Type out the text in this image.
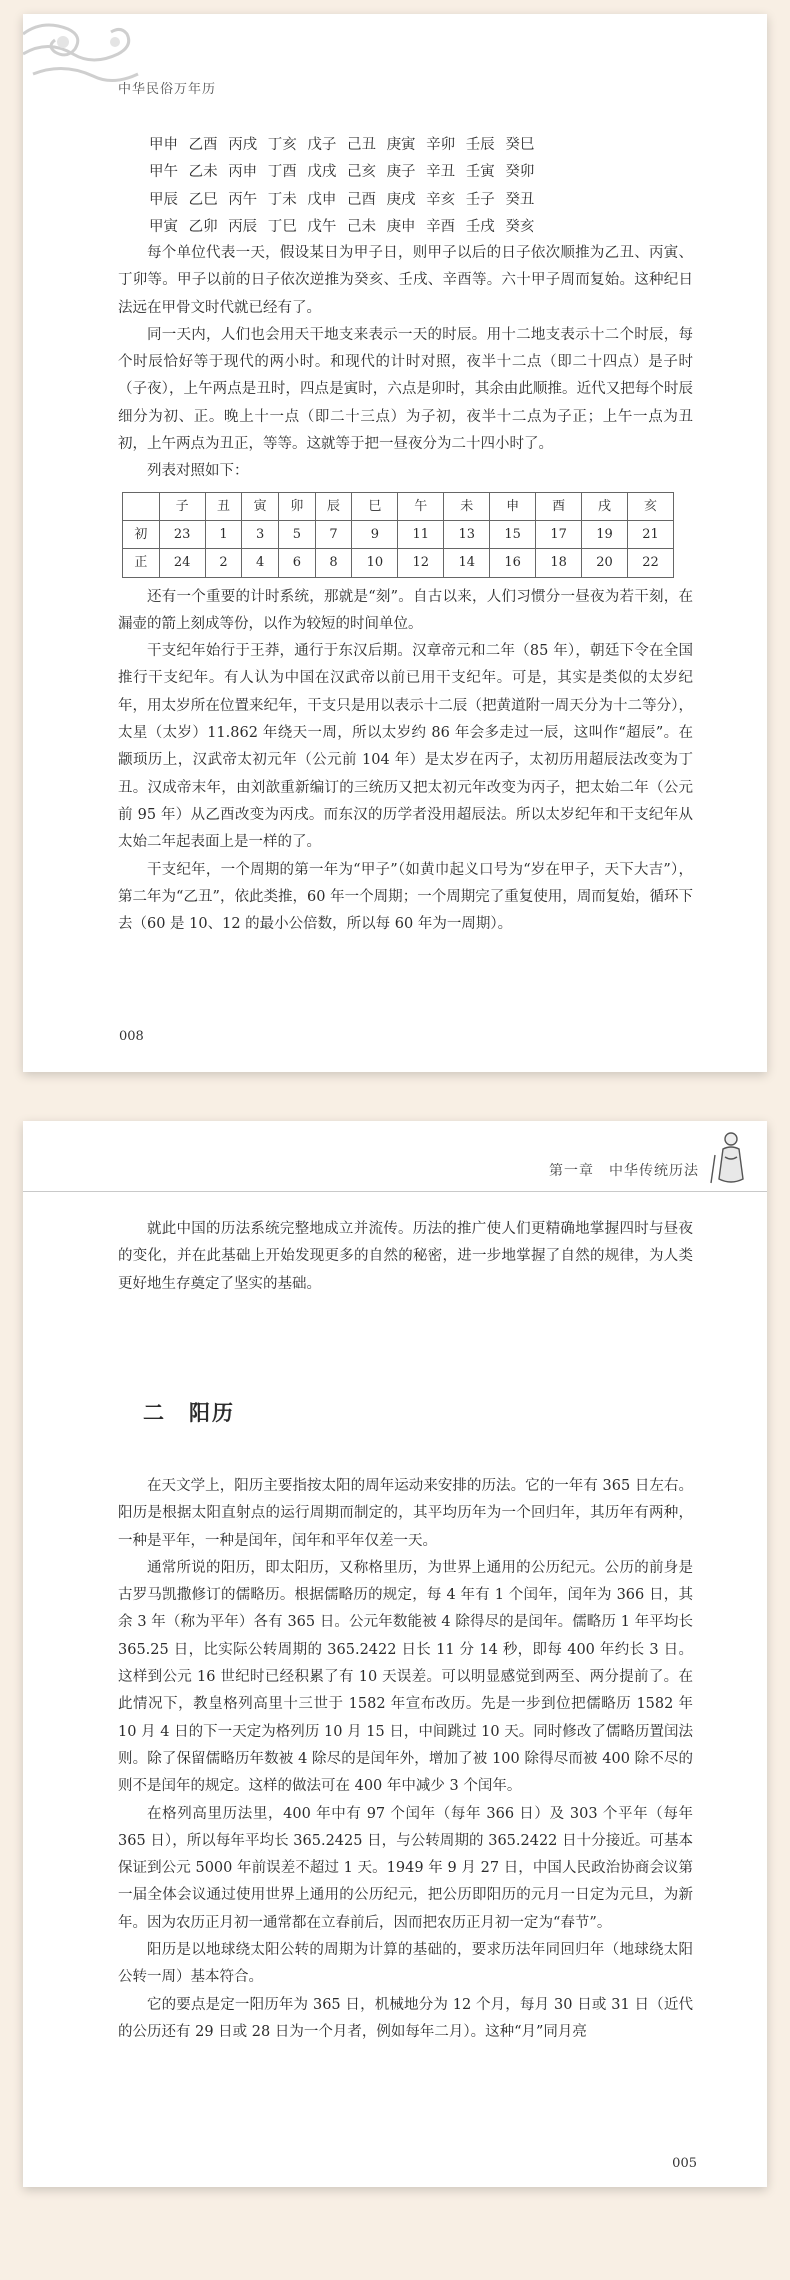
中华民俗万年历
甲申 乙酉 丙戌 丁亥 戊子 己丑 庚寅 辛卯 壬辰 癸巳
甲午 乙未 丙申 丁酉 戊戌 己亥 庚子 辛丑 壬寅 癸卯
甲辰 乙巳 丙午 丁未 戊申 己酉 庚戌 辛亥 壬子 癸丑
甲寅 乙卯 丙辰 丁巳 戊午 己未 庚申 辛酉 壬戌 癸亥

每个单位代表一天，假设某日为甲子日，则甲子以后的日子依次顺推为乙丑、丙寅、丁卯等。甲子以前的日子依次逆推为癸亥、壬戌、辛酉等。六十甲子周而复始。这种纪日法远在甲骨文时代就已经有了。

同一天内，人们也会用天干地支来表示一天的时辰。用十二地支表示十二个时辰，每个时辰恰好等于现代的两小时。和现代的计时对照，夜半十二点（即二十四点）是子时（子夜），上午两点是丑时，四点是寅时，六点是卯时，其余由此顺推。近代又把每个时辰细分为初、正。晚上十一点（即二十三点）为子初，夜半十二点为子正；上午一点为丑初，上午两点为丑正，等等。这就等于把一昼夜分为二十四小时了。

列表对照如下：

	子	丑	寅	卯	辰	巳	午	未	申	酉	戌	亥
初	23	1	3	5	7	9	11	13	15	17	19	21
正	24	2	4	6	8	10	12	14	16	18	20	22

还有一个重要的计时系统，那就是“刻”。自古以来，人们习惯分一昼夜为若干刻，在漏壶的箭上刻成等份，以作为较短的时间单位。

干支纪年始行于王莽，通行于东汉后期。汉章帝元和二年（85 年），朝廷下令在全国推行干支纪年。有人认为中国在汉武帝以前已用干支纪年。可是，其实是类似的太岁纪年，用太岁所在位置来纪年，干支只是用以表示十二辰（把黄道附一周天分为十二等分），太星（太岁）11.862 年绕天一周，所以太岁约 86 年会多走过一辰，这叫作“超辰”。在颛顼历上，汉武帝太初元年（公元前 104 年）是太岁在丙子，太初历用超辰法改变为丁丑。汉成帝末年，由刘歆重新编订的三统历又把太初元年改变为丙子，把太始二年（公元前 95 年）从乙酉改变为丙戌。而东汉的历学者没用超辰法。所以太岁纪年和干支纪年从太始二年起表面上是一样的了。

干支纪年，一个周期的第一年为“甲子”（如黄巾起义口号为“岁在甲子，天下大吉”），第二年为“乙丑”，依此类推，60 年一个周期；一个周期完了重复使用，周而复始，循环下去（60 是 10、12 的最小公倍数，所以每 60 年为一周期）。

008
第一章　中华传统历法

就此中国的历法系统完整地成立并流传。历法的推广使人们更精确地掌握四时与昼夜的变化，并在此基础上开始发现更多的自然的秘密，进一步地掌握了自然的规律，为人类更好地生存奠定了坚实的基础。

二　阳历

在天文学上，阳历主要指按太阳的周年运动来安排的历法。它的一年有 365 日左右。阳历是根据太阳直射点的运行周期而制定的，其平均历年为一个回归年，其历年有两种，一种是平年，一种是闰年，闰年和平年仅差一天。

通常所说的阳历，即太阳历，又称格里历，为世界上通用的公历纪元。公历的前身是古罗马凯撒修订的儒略历。根据儒略历的规定，每 4 年有 1 个闰年，闰年为 366 日，其余 3 年（称为平年）各有 365 日。公元年数能被 4 除得尽的是闰年。儒略历 1 年平均长 365.25 日，比实际公转周期的 365.2422 日长 11 分 14 秒，即每 400 年约长 3 日。这样到公元 16 世纪时已经积累了有 10 天误差。可以明显感觉到两至、两分提前了。在此情况下，教皇格列高里十三世于 1582 年宣布改历。先是一步到位把儒略历 1582 年 10 月 4 日的下一天定为格列历 10 月 15 日，中间跳过 10 天。同时修改了儒略历置闰法则。除了保留儒略历年数被 4 除尽的是闰年外，增加了被 100 除得尽而被 400 除不尽的则不是闰年的规定。这样的做法可在 400 年中减少 3 个闰年。

在格列高里历法里，400 年中有 97 个闰年（每年 366 日）及 303 个平年（每年 365 日），所以每年平均长 365.2425 日，与公转周期的 365.2422 日十分接近。可基本保证到公元 5000 年前误差不超过 1 天。1949 年 9 月 27 日，中国人民政治协商会议第一届全体会议通过使用世界上通用的公历纪元，把公历即阳历的元月一日定为元旦，为新年。因为农历正月初一通常都在立春前后，因而把农历正月初一定为“春节”。

阳历是以地球绕太阳公转的周期为计算的基础的，要求历法年同回归年（地球绕太阳公转一周）基本符合。

它的要点是定一阳历年为 365 日，机械地分为 12 个月，每月 30 日或 31 日（近代的公历还有 29 日或 28 日为一个月者，例如每年二月）。这种“月”同月亮

005
